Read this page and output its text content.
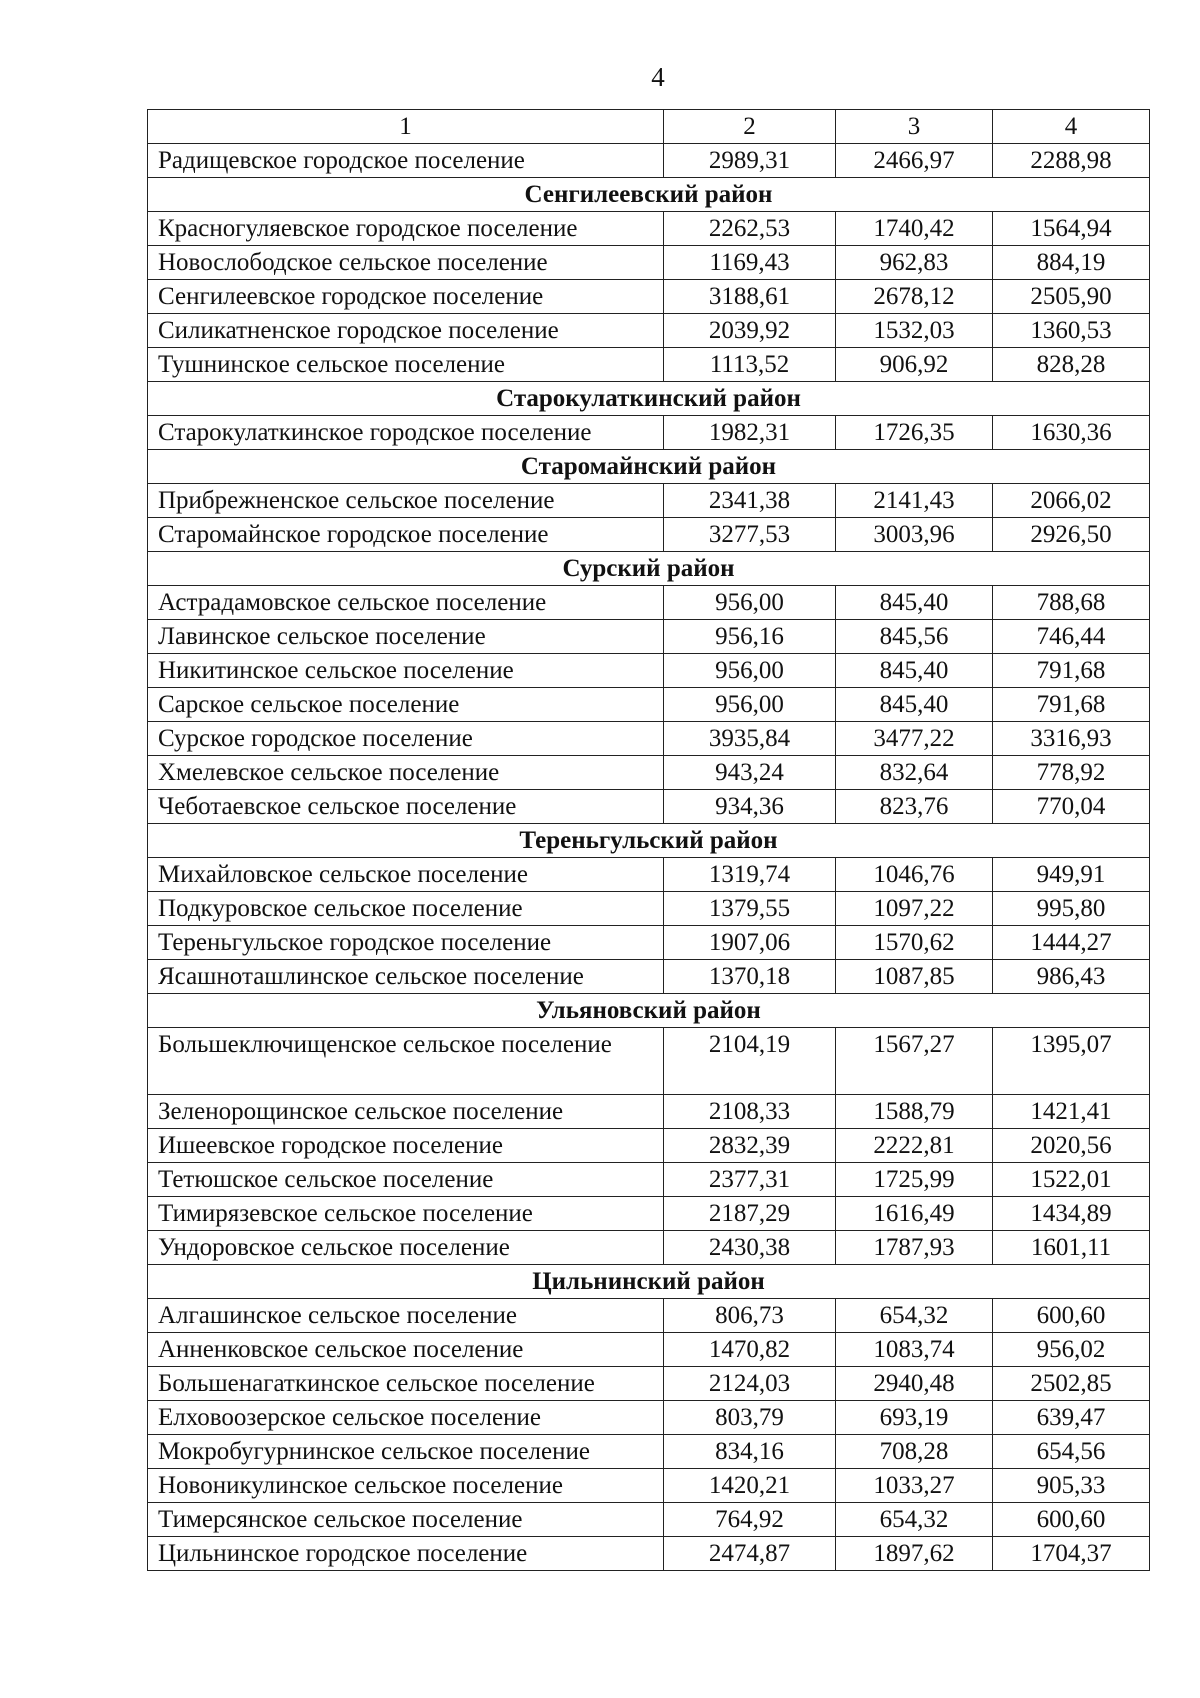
4
1	2	3	4
Радищевское городское поселение	2989,31	2466,97	2288,98
Сенгилеевский район			
Красногуляевское городское поселение	2262,53	1740,42	1564,94
Новослободское сельское поселение	1169,43	962,83	884,19
Сенгилеевское городское поселение	3188,61	2678,12	2505,90
Силикатненское городское поселение	2039,92	1532,03	1360,53
Тушнинское сельское поселение	1113,52	906,92	828,28
Старокулаткинский район			
Старокулаткинское городское поселение	1982,31	1726,35	1630,36
Старомайнский район			
Прибрежненское сельское поселение	2341,38	2141,43	2066,02
Старомайнское городское поселение	3277,53	3003,96	2926,50
Сурский район			
Астрадамовское сельское поселение	956,00	845,40	788,68
Лавинское сельское поселение	956,16	845,56	746,44
Никитинское сельское поселение	956,00	845,40	791,68
Сарское сельское поселение	956,00	845,40	791,68
Сурское городское поселение	3935,84	3477,22	3316,93
Хмелевское сельское поселение	943,24	832,64	778,92
Чеботаевское сельское поселение	934,36	823,76	770,04
Тереньгульский район			
Михайловское сельское поселение	1319,74	1046,76	949,91
Подкуровское сельское поселение	1379,55	1097,22	995,80
Тереньгульское городское поселение	1907,06	1570,62	1444,27
Ясашноташлинское сельское поселение	1370,18	1087,85	986,43
Ульяновский район			
Большеключищенское сельское поселение	2104,19	1567,27	1395,07
Зеленорощинское сельское поселение	2108,33	1588,79	1421,41
Ишеевское городское поселение	2832,39	2222,81	2020,56
Тетюшское сельское поселение	2377,31	1725,99	1522,01
Тимирязевское сельское поселение	2187,29	1616,49	1434,89
Ундоровское сельское поселение	2430,38	1787,93	1601,11
Цильнинский район			
Алгашинское сельское поселение	806,73	654,32	600,60
Анненковское сельское поселение	1470,82	1083,74	956,02
Большенагаткинское сельское поселение	2124,03	2940,48	2502,85
Елховоозерское сельское поселение	803,79	693,19	639,47
Мокробугурнинское сельское поселение	834,16	708,28	654,56
Новоникулинское сельское поселение	1420,21	1033,27	905,33
Тимерсянское сельское поселение	764,92	654,32	600,60
Цильнинское городское поселение	2474,87	1897,62	1704,37
